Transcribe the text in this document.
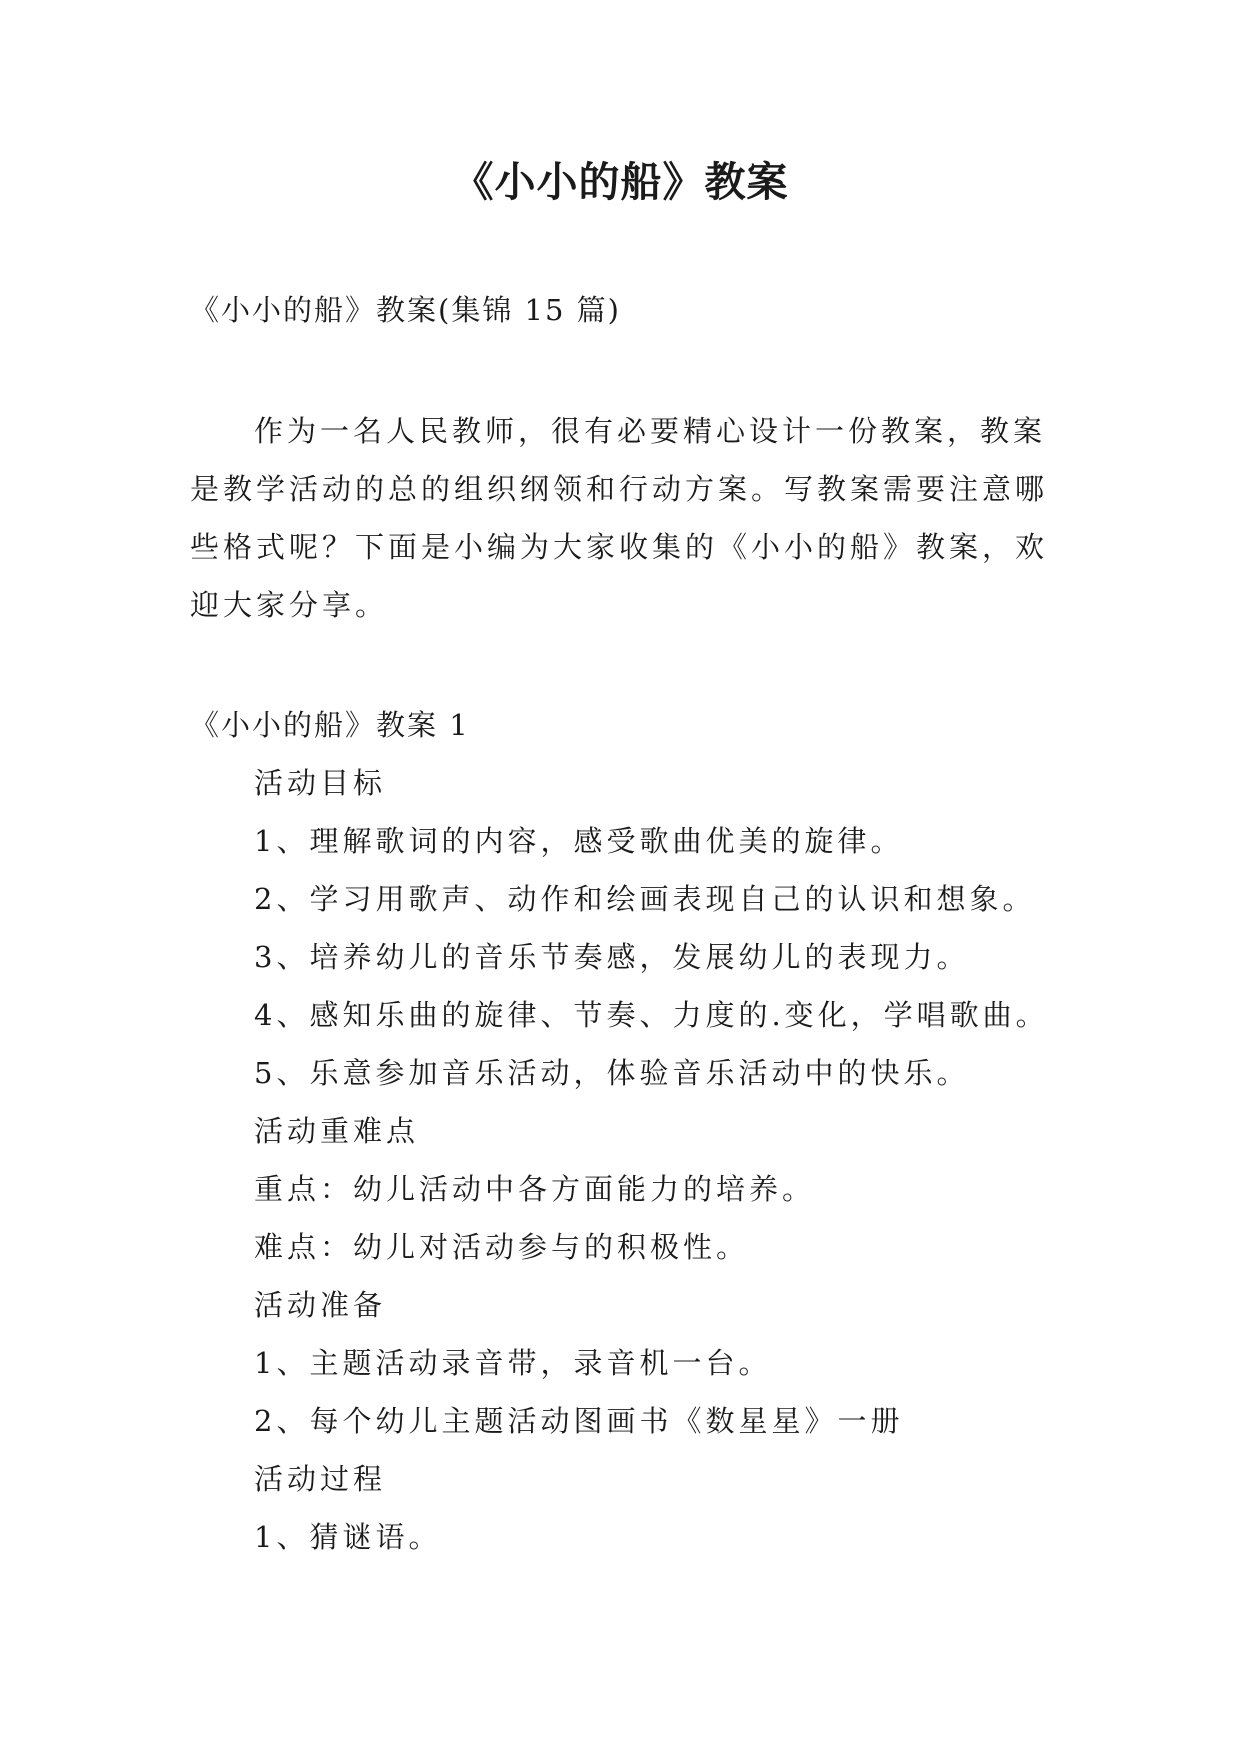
《小小的船》教案
《小小的船》教案(集锦 15 篇)

作为一名人民教师，很有必要精心设计一份教案，教案是教学活动的总的组织纲领和行动方案。写教案需要注意哪些格式呢？下面是小编为大家收集的《小小的船》教案，欢迎大家分享。

《小小的船》教案 1
活动目标
1、理解歌词的内容，感受歌曲优美的旋律。
2、学习用歌声、动作和绘画表现自己的认识和想象。
3、培养幼儿的音乐节奏感，发展幼儿的表现力。
4、感知乐曲的旋律、节奏、力度的.变化，学唱歌曲。
5、乐意参加音乐活动，体验音乐活动中的快乐。
活动重难点
重点：幼儿活动中各方面能力的培养。
难点：幼儿对活动参与的积极性。
活动准备
1、主题活动录音带，录音机一台。
2、每个幼儿主题活动图画书《数星星》一册
活动过程
1、猜谜语。
